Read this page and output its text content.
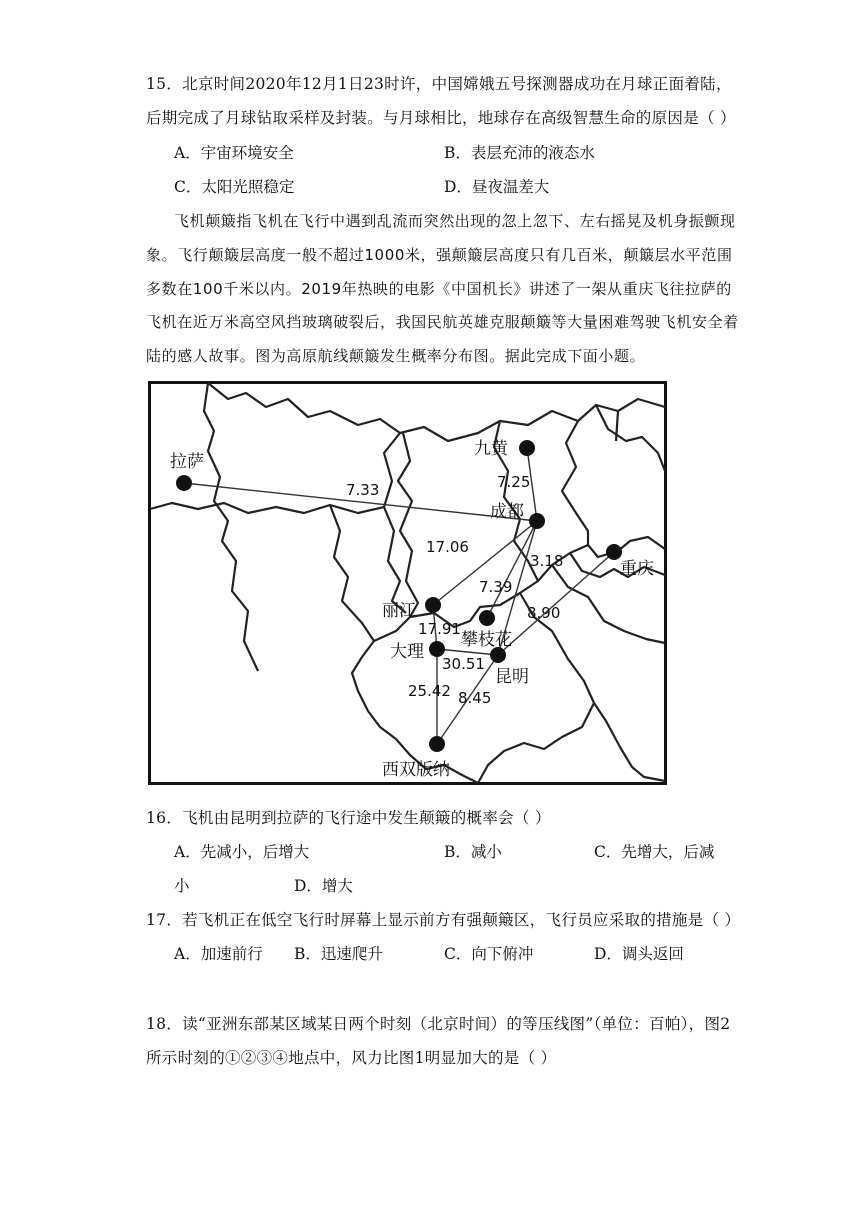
15．北京时间2020年12月1日23时许，中国嫦娥五号探测器成功在月球正面着陆，
后期完成了月球钻取采样及封装。与月球相比，地球存在高级智慧生命的原因是（ ）
A．宇宙环境安全	B．表层充沛的液态水
C．太阳光照稳定	D．昼夜温差大
飞机颠簸指飞机在飞行中遇到乱流而突然出现的忽上忽下、左右摇晃及机身振颤现
象。飞行颠簸层高度一般不超过1000米，强颠簸层高度只有几百米，颠簸层水平范围
多数在100千米以内。2019年热映的电影《中国机长》讲述了一架从重庆飞往拉萨的
飞机在近万米高空风挡玻璃破裂后，我国民航英雄克服颠簸等大量困难驾驶飞机安全着
陆的感人故事。图为高原航线颠簸发生概率分布图。据此完成下面小题。
拉萨
九黄
成都
重庆
丽江
攀枝花
大理
昆明
西双版纳
7.33	7.25
17.06
3.18
7.39
8.90
17.91
30.51
25.42 8.45
16．飞机由昆明到拉萨的飞行途中发生颠簸的概率会（ ）
A．先减小，后增大	B．减小	C．先增大，后减
小	D．增大
17．若飞机正在低空飞行时屏幕上显示前方有强颠簸区，飞行员应采取的措施是（ ）
A．加速前行 B．迅速爬升	C．向下俯冲	D．调头返回
18．读“亚洲东部某区域某日两个时刻（北京时间）的等压线图”（单位：百帕），图2
所示时刻的①②③④地点中，风力比图1明显加大的是（ ）
